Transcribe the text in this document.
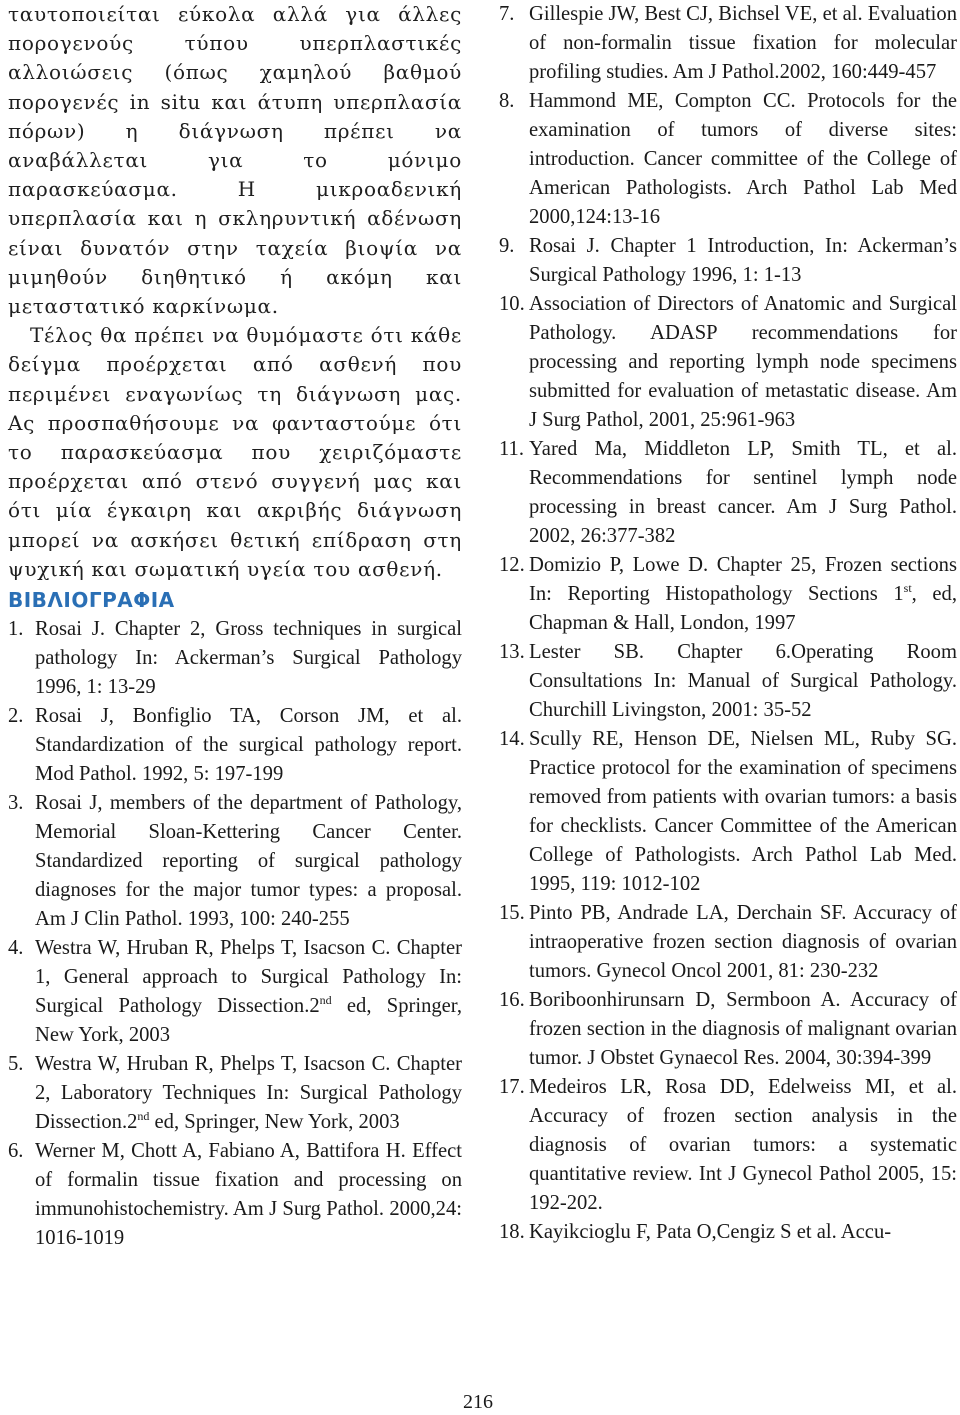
ταυτοποιείται εύκολα αλλά για άλλες πορογενούς τύπου υπερπλαστικές αλλοιώσεις (όπως χαμηλού βαθμού πορογενές in situ και άτυπη υπερπλασία πόρων) η διάγνωση πρέπει να αναβάλλεται για το μόνιμο παρασκεύασμα. Η μικροαδενική υπερπλασία και η σκληρυντική αδένωση είναι δυνατόν στην ταχεία βιοψία να μιμηθούν διηθητικό ή ακόμη και μεταστατικό καρκίνωμα.

Τέλος θα πρέπει να θυμόμαστε ότι κάθε δείγμα προέρχεται από ασθενή που περιμένει εναγωνίως τη διάγνωση μας. Ας προσπαθήσουμε να φανταστούμε ότι το παρασκεύασμα που χειριζόμαστε προέρχεται από στενό συγγενή μας και ότι μία έγκαιρη και ακριβής διάγνωση μπορεί να ασκήσει θετική επίδραση στη ψυχική και σωματική υγεία του ασθενή.

ΒΙΒΛΙΟΓΡΑΦΙΑ
1. Rosai J. Chapter 2, Gross techniques in surgical pathology In: Ackerman’s Surgical Pathology 1996, 1: 13-29
2. Rosai J, Bonfiglio TA, Corson JM, et al. Standardization of the surgical pathology report. Mod Pathol. 1992, 5: 197-199
3. Rosai J, members of the department of Pathology, Memorial Sloan-Kettering Cancer Center. Standardized reporting of surgical pathology diagnoses for the major tumor types: a proposal. Am J Clin Pathol. 1993, 100: 240-255
4. Westra W, Hruban R, Phelps T, Isacson C. Chapter 1, General approach to Surgical Pathology In: Surgical Pathology Dissection.2nd ed, Springer, New York, 2003
5. Westra W, Hruban R, Phelps T, Isacson C. Chapter 2, Laboratory Techniques In: Surgical Pathology Dissection.2nd ed, Springer, New York, 2003
6. Werner M, Chott A, Fabiano A, Battifora H. Effect of formalin tissue fixation and processing on immunohistochemistry. Am J Surg Pathol. 2000,24: 1016-1019
7. Gillespie JW, Best CJ, Bichsel VE, et al. Evaluation of non-formalin tissue fixation for molecular profiling studies. Am J Pathol.2002, 160:449-457
8. Hammond ME, Compton CC. Protocols for the examination of tumors of diverse sites: introduction. Cancer committee of the College of American Pathologists. Arch Pathol Lab Med 2000,124:13-16
9. Rosai J. Chapter 1 Introduction, In: Ackerman’s Surgical Pathology 1996, 1: 1-13
10. Association of Directors of Anatomic and Surgical Pathology. ADASP recommendations for processing and reporting lymph node specimens submitted for evaluation of metastatic disease. Am J Surg Pathol, 2001, 25:961-963
11. Yared Ma, Middleton LP, Smith TL, et al. Recommendations for sentinel lymph node processing in breast cancer. Am J Surg Pathol. 2002, 26:377-382
12. Domizio P, Lowe D. Chapter 25, Frozen sections In: Reporting Histopathology Sections 1st, ed, Chapman & Hall, London, 1997
13. Lester SB. Chapter 6.Operating Room Consultations In: Manual of Surgical Pathology. Churchill Livingston, 2001: 35-52
14. Scully RE, Henson DE, Nielsen ML, Ruby SG. Practice protocol for the examination of specimens removed from patients with ovarian tumors: a basis for checklists. Cancer Committee of the American College of Pathologists. Arch Pathol Lab Med. 1995, 119: 1012-102
15. Pinto PB, Andrade LA, Derchain SF. Accuracy of intraoperative frozen section diagnosis of ovarian tumors. Gynecol Oncol 2001, 81: 230-232
16. Boriboonhirunsarn D, Sermboon A. Accuracy of frozen section in the diagnosis of malignant ovarian tumor. J Obstet Gynaecol Res. 2004, 30:394-399
17. Medeiros LR, Rosa DD, Edelweiss MI, et al. Accuracy of frozen section analysis in the diagnosis of ovarian tumors: a systematic quantitative review. Int J Gynecol Pathol 2005, 15: 192-202.
18. Kayikcioglu F, Pata O,Cengiz S et al. Accu-
216
